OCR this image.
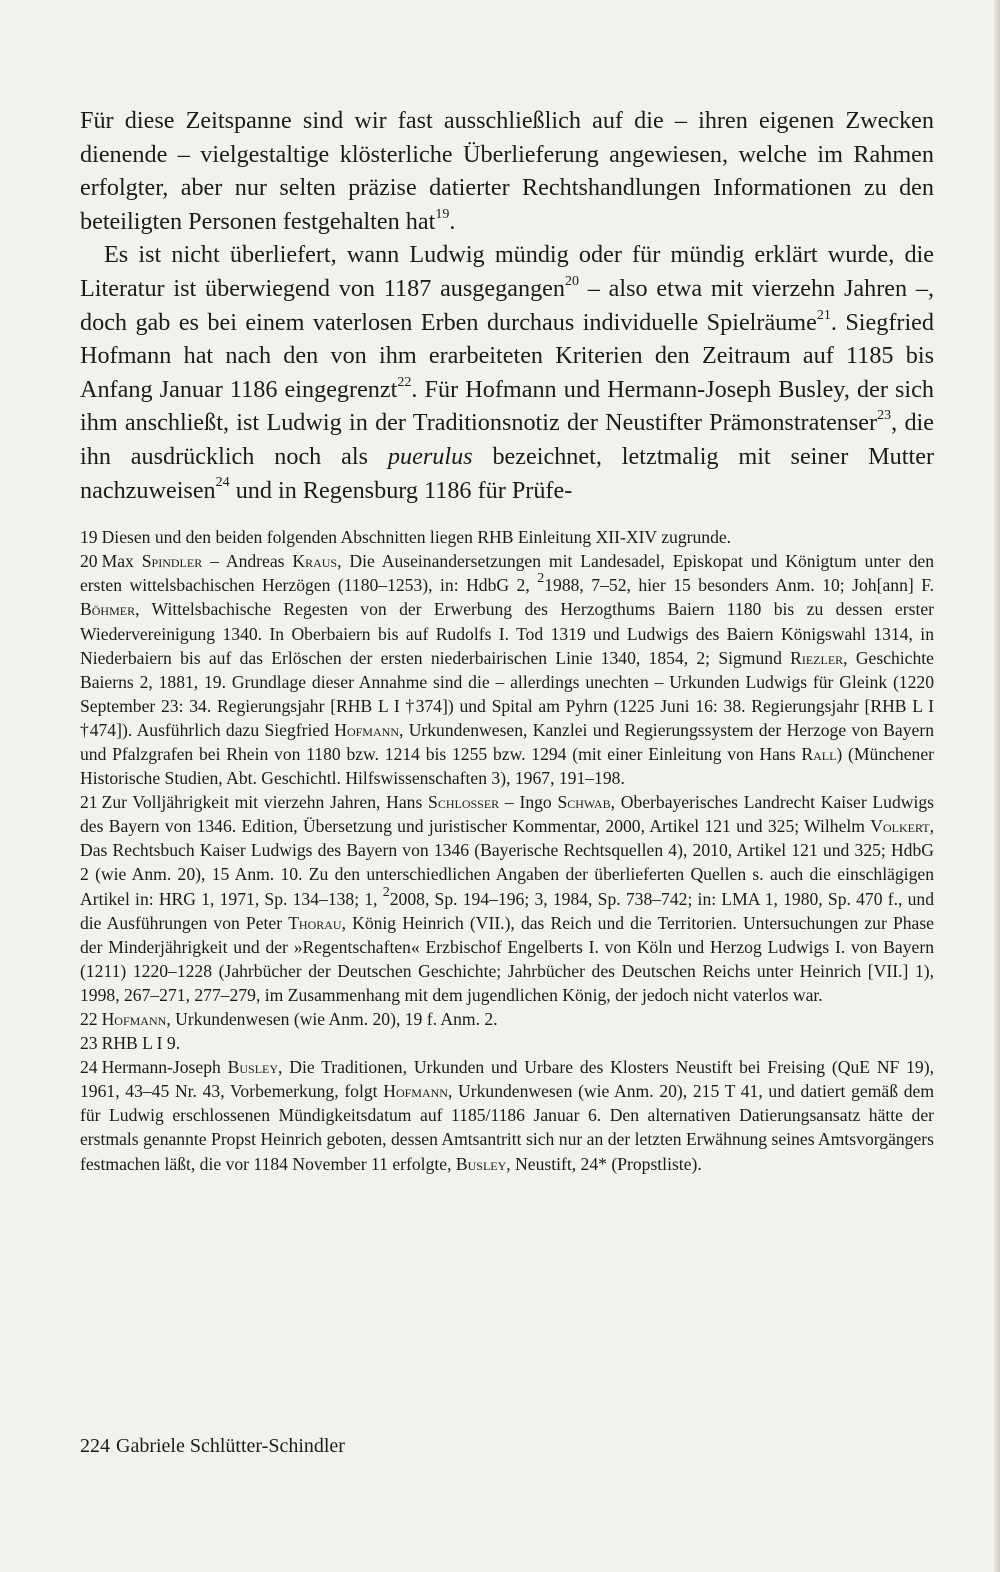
Für diese Zeitspanne sind wir fast ausschließlich auf die – ihren eigenen Zwecken dienende – vielgestaltige klösterliche Überlieferung angewiesen, welche im Rahmen erfolgter, aber nur selten präzise datierter Rechtshandlungen Informationen zu den beteiligten Personen festgehalten hat$^{19}$.

Es ist nicht überliefert, wann Ludwig mündig oder für mündig erklärt wurde, die Literatur ist überwiegend von 1187 ausgegangen$^{20}$ – also etwa mit vierzehn Jahren –, doch gab es bei einem vaterlosen Erben durchaus individuelle Spielräume$^{21}$. Siegfried Hofmann hat nach den von ihm erarbeiteten Kriterien den Zeitraum auf 1185 bis Anfang Januar 1186 eingegrenzt$^{22}$. Für Hofmann und Hermann-Joseph Busley, der sich ihm anschließt, ist Ludwig in der Traditionsnotiz der Neustifter Prämonstratenser$^{23}$, die ihn ausdrücklich noch als puerulus bezeichnet, letztmalig mit seiner Mutter nachzuweisen$^{24}$ und in Regensburg 1186 für Prüfe-

19 Diesen und den beiden folgenden Abschnitten liegen RHB Einleitung XII-XIV zugrunde.

20 Max Spindler – Andreas Kraus, Die Auseinandersetzungen mit Landesadel, Episkopat und Königtum unter den ersten wittelsbachischen Herzögen (1180–1253), in: HdbG 2, $^2$1988, 7–52, hier 15 besonders Anm. 10; Joh[ann] F. Böhmer, Wittelsbachische Regesten von der Erwerbung des Herzogthums Baiern 1180 bis zu dessen erster Wiedervereinigung 1340. In Oberbaiern bis auf Rudolfs I. Tod 1319 und Ludwigs des Baiern Königswahl 1314, in Niederbaiern bis auf das Erlöschen der ersten niederbairischen Linie 1340, 1854, 2; Sigmund Riezler, Geschichte Baierns 2, 1881, 19. Grundlage dieser Annahme sind die – allerdings unechten – Urkunden Ludwigs für Gleink (1220 September 23: 34. Regierungsjahr [RHB L I †374]) und Spital am Pyhrn (1225 Juni 16: 38. Regierungsjahr [RHB L I †474]). Ausführlich dazu Siegfried Hofmann, Urkundenwesen, Kanzlei und Regierungssystem der Herzoge von Bayern und Pfalzgrafen bei Rhein von 1180 bzw. 1214 bis 1255 bzw. 1294 (mit einer Einleitung von Hans Rall) (Münchener Historische Studien, Abt. Geschichtl. Hilfswissenschaften 3), 1967, 191–198.

21 Zur Volljährigkeit mit vierzehn Jahren, Hans Schlosser – Ingo Schwab, Oberbayerisches Landrecht Kaiser Ludwigs des Bayern von 1346. Edition, Übersetzung und juristischer Kommentar, 2000, Artikel 121 und 325; Wilhelm Volkert, Das Rechtsbuch Kaiser Ludwigs des Bayern von 1346 (Bayerische Rechtsquellen 4), 2010, Artikel 121 und 325; HdbG 2 (wie Anm. 20), 15 Anm. 10. Zu den unterschiedlichen Angaben der überlieferten Quellen s. auch die einschlägigen Artikel in: HRG 1, 1971, Sp. 134–138; 1, $^2$2008, Sp. 194–196; 3, 1984, Sp. 738–742; in: LMA 1, 1980, Sp. 470 f., und die Ausführungen von Peter Thorau, König Heinrich (VII.), das Reich und die Territorien. Untersuchungen zur Phase der Minderjährigkeit und der »Regentschaften« Erzbischof Engelberts I. von Köln und Herzog Ludwigs I. von Bayern (1211) 1220–1228 (Jahrbücher der Deutschen Geschichte; Jahrbücher des Deutschen Reichs unter Heinrich [VII.] 1), 1998, 267–271, 277–279, im Zusammenhang mit dem jugendlichen König, der jedoch nicht vaterlos war.

22 Hofmann, Urkundenwesen (wie Anm. 20), 19 f. Anm. 2.

23 RHB L I 9.

24 Hermann-Joseph Busley, Die Traditionen, Urkunden und Urbare des Klosters Neustift bei Freising (QuE NF 19), 1961, 43–45 Nr. 43, Vorbemerkung, folgt Hofmann, Urkundenwesen (wie Anm. 20), 215 T 41, und datiert gemäß dem für Ludwig erschlossenen Mündigkeitsdatum auf 1185/1186 Januar 6. Den alternativen Datierungsansatz hätte der erstmals genannte Propst Heinrich geboten, dessen Amtsantritt sich nur an der letzten Erwähnung seines Amtsvorgängers festmachen läßt, die vor 1184 November 11 erfolgte, Busley, Neustift, 24* (Propstliste).

224 Gabriele Schlütter-Schindler
